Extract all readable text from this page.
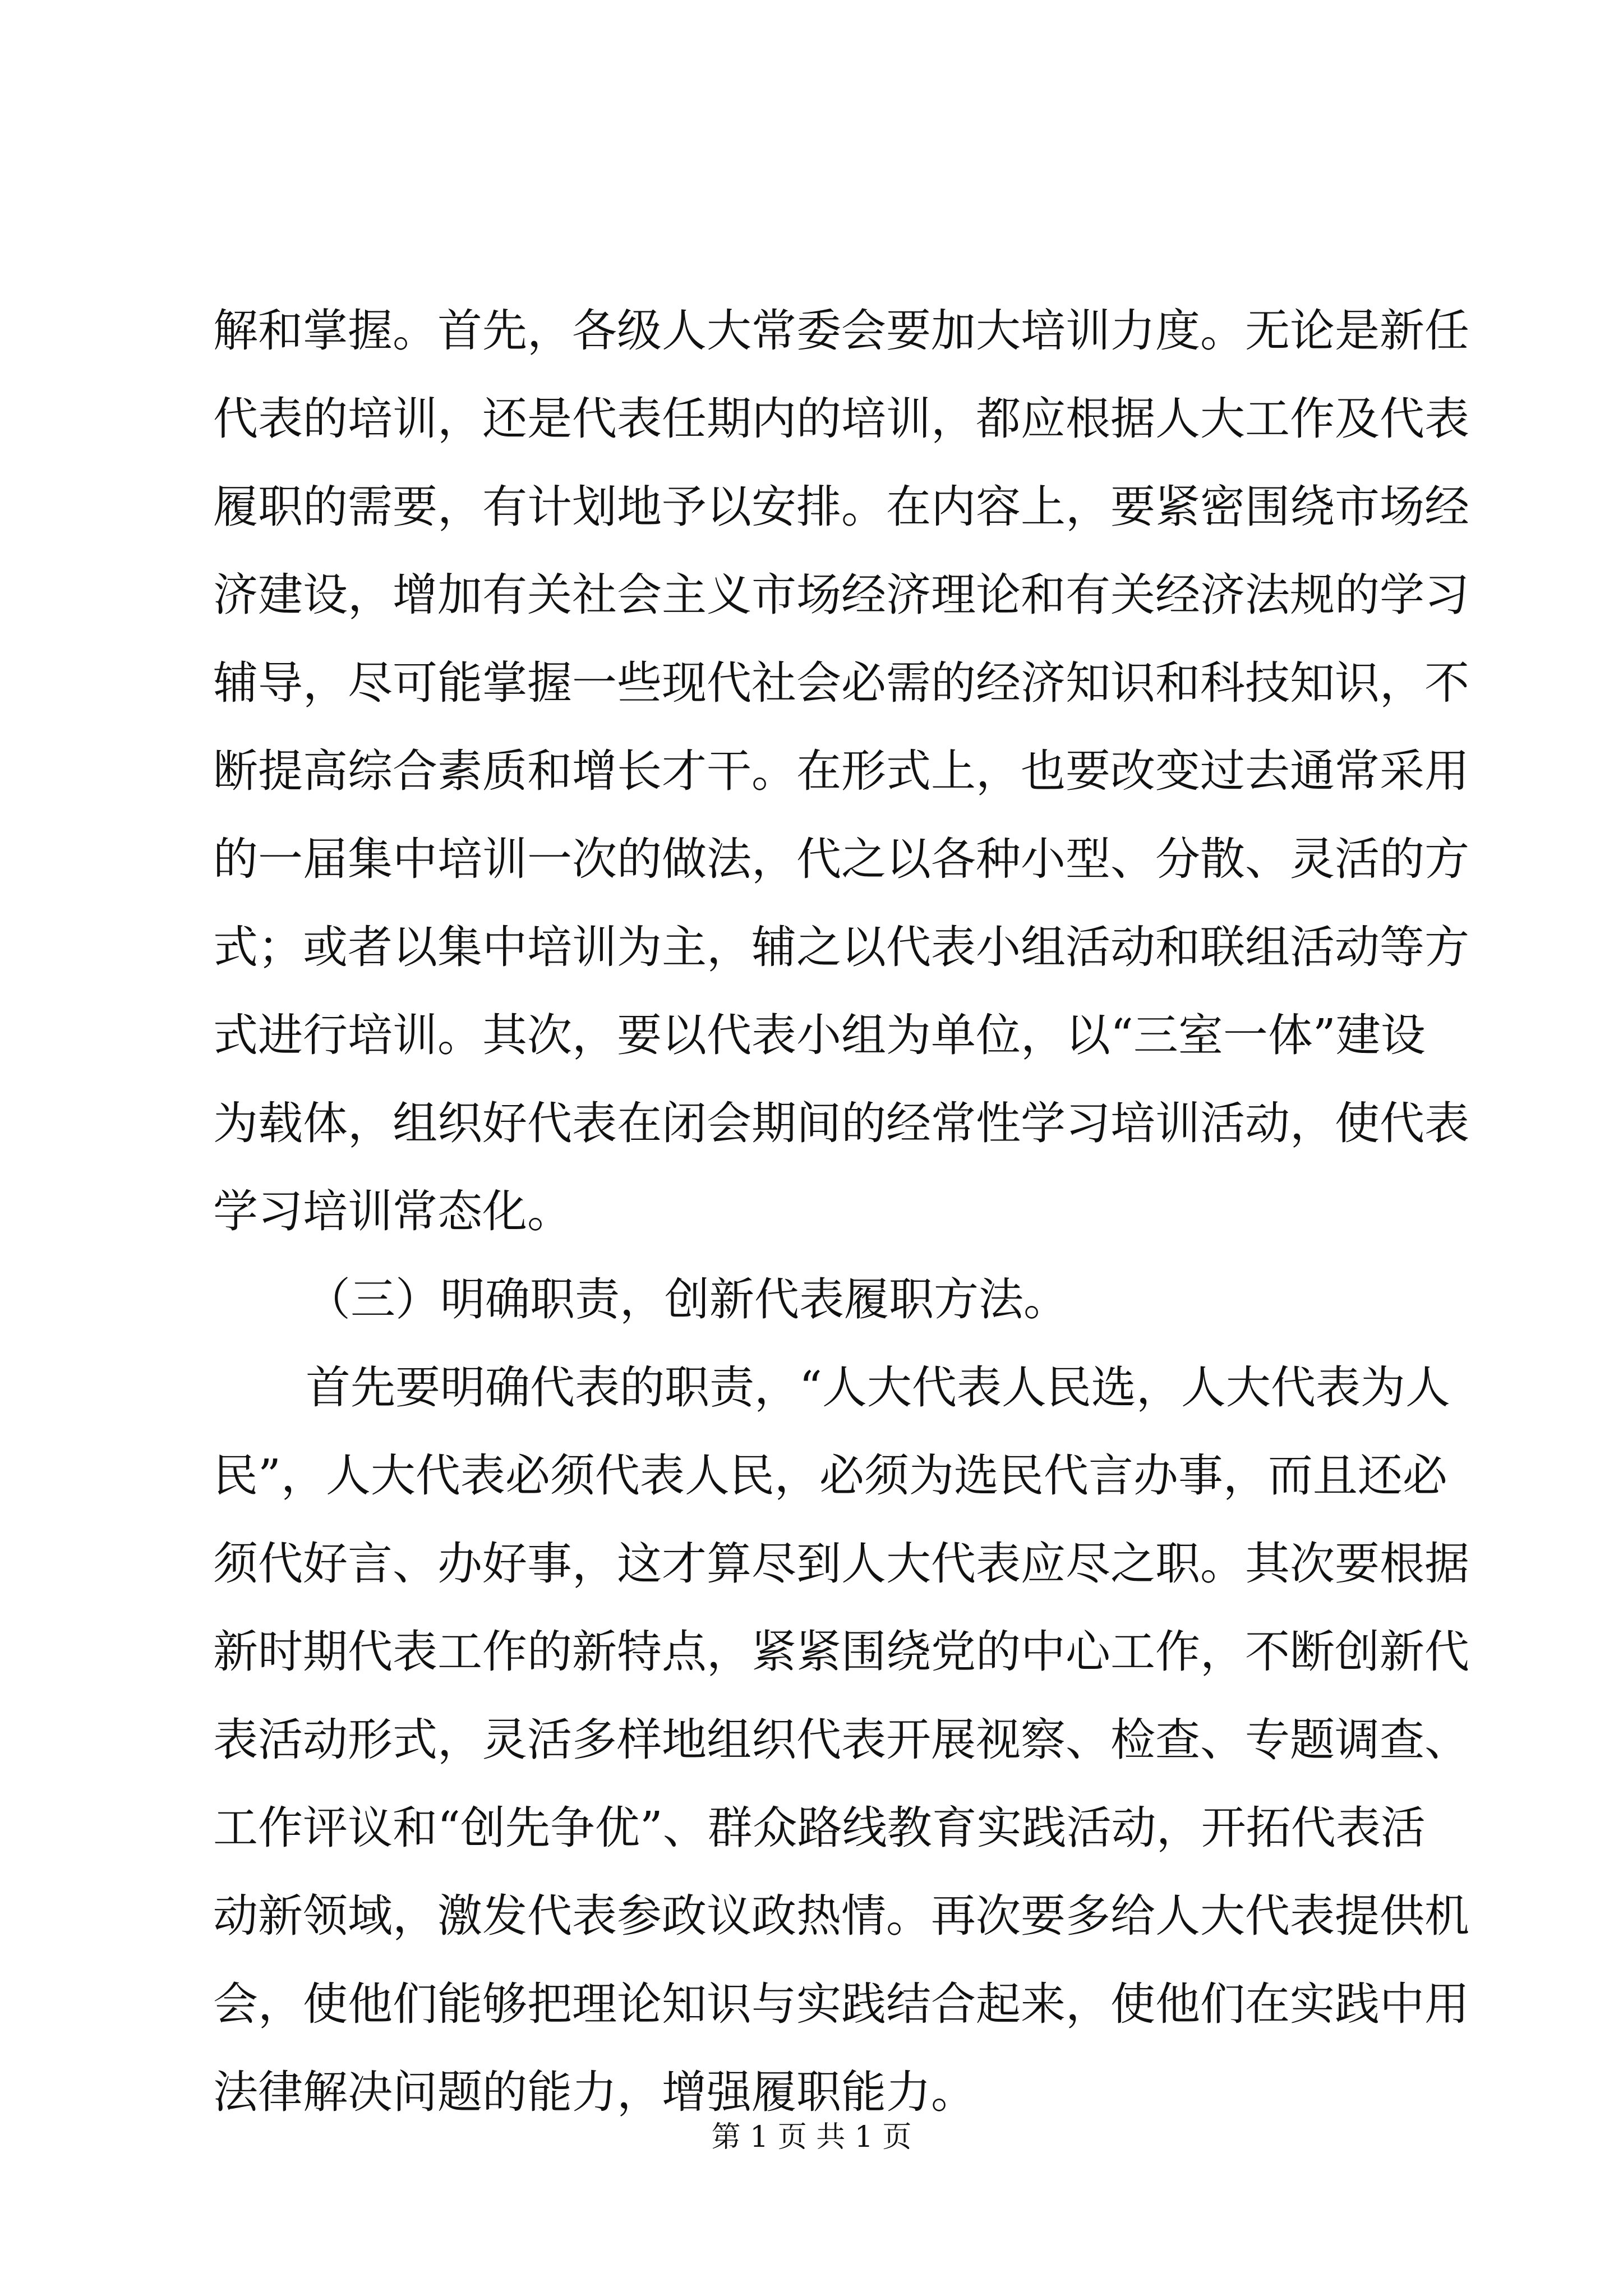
解和掌握。首先，各级人大常委会要加大培训力度。无论是新任
代表的培训，还是代表任期内的培训，都应根据人大工作及代表
履职的需要，有计划地予以安排。在内容上，要紧密围绕市场经
济建设，增加有关社会主义市场经济理论和有关经济法规的学习
辅导，尽可能掌握一些现代社会必需的经济知识和科技知识，不
断提高综合素质和增长才干。在形式上，也要改变过去通常采用
的一届集中培训一次的做法，代之以各种小型、分散、灵活的方
式；或者以集中培训为主，辅之以代表小组活动和联组活动等方
式进行培训。其次，要以代表小组为单位，以“三室一体”建设
为载体，组织好代表在闭会期间的经常性学习培训活动，使代表
学习培训常态化。
（三）明确职责，创新代表履职方法。
首先要明确代表的职责，“人大代表人民选，人大代表为人
民”，人大代表必须代表人民，必须为选民代言办事，而且还必
须代好言、办好事，这才算尽到人大代表应尽之职。其次要根据
新时期代表工作的新特点，紧紧围绕党的中心工作，不断创新代
表活动形式，灵活多样地组织代表开展视察、检查、专题调查、
工作评议和“创先争优”、群众路线教育实践活动，开拓代表活
动新领域，激发代表参政议政热情。再次要多给人大代表提供机
会，使他们能够把理论知识与实践结合起来，使他们在实践中用
法律解决问题的能力，增强履职能力。
第 1 页 共 1 页
